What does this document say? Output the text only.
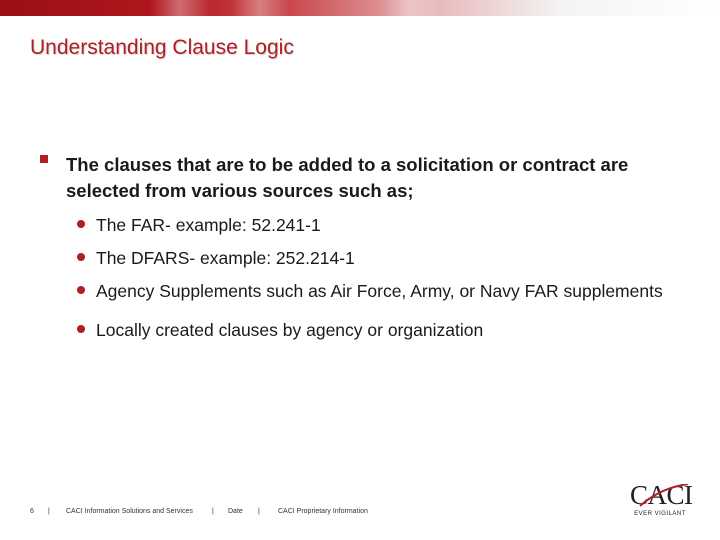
Understanding Clause Logic
The clauses that are to be added to a solicitation or contract are selected from various sources such as;
The FAR- example: 52.241-1
The DFARS- example: 252.214-1
Agency Supplements such as Air Force, Army, or Navy FAR supplements
Locally created clauses by agency or organization
6 | CACI Information Solutions and Services	| Date |	CACI Proprietary Information
CACI
EVER VIGILANT
